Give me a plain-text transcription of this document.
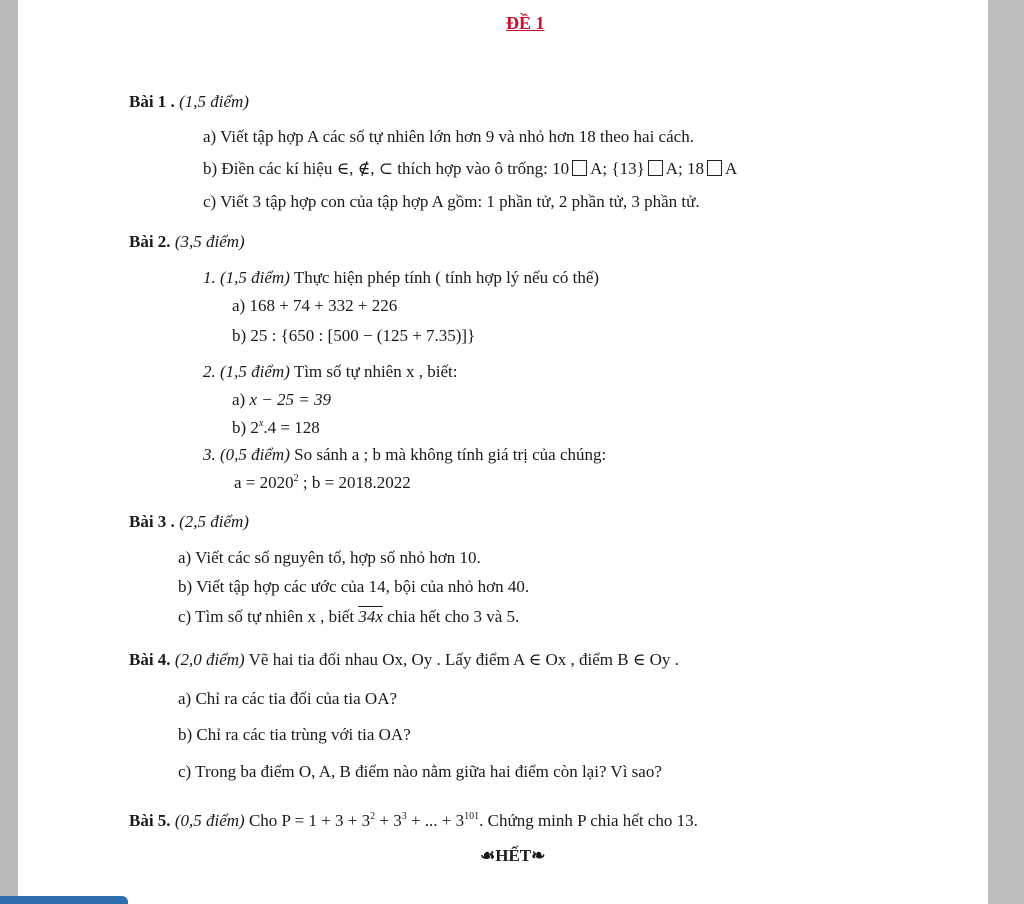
ĐỀ 1
Bài 1 . (1,5 điểm)
a) Viết tập hợp A các số tự nhiên lớn hơn 9 và nhỏ hơn 18 theo hai cách.
b) Điền các kí hiệu ∈, ∉, ⊂ thích hợp vào ô trống: 10 A; {13} A; 18 A
c) Viết 3 tập hợp con của tập hợp A gồm: 1 phần tử, 2 phần tử, 3 phần tử.
Bài 2. (3,5 điểm)
1. (1,5 điểm) Thực hiện phép tính ( tính hợp lý nếu có thể)
a) 168 + 74 + 332 + 226
b) 25 : {650 : [500 − (125 + 7.35)]}
2. (1,5 điểm) Tìm số tự nhiên x , biết:
a) x − 25 = 39
b) $2^x.4 = 128$
3. (0,5 điểm) So sánh a ; b mà không tính giá trị của chúng:
$a = 2020^2$ ; b = 2018.2022
Bài 3 . (2,5 điểm)
a) Viết các số nguyên tố, hợp số nhỏ hơn 10.
b) Viết tập hợp các ước của 14, bội của nhỏ hơn 40.
c) Tìm số tự nhiên x , biết 34x chia hết cho 3 và 5.
Bài 4. (2,0 điểm) Vẽ hai tia đối nhau Ox, Oy . Lấy điểm A ∈ Ox , điểm B ∈ Oy .
a) Chỉ ra các tia đối của tia OA?
b) Chỉ ra các tia trùng với tia OA?
c) Trong ba điểm O, A, B điểm nào nằm giữa hai điểm còn lại? Vì sao?
Bài 5. (0,5 điểm) Cho $P = 1 + 3 + 3^2 + 3^3$ + ... + $3^{101}$. Chứng minh P chia hết cho 13.
☙HẾT❧
